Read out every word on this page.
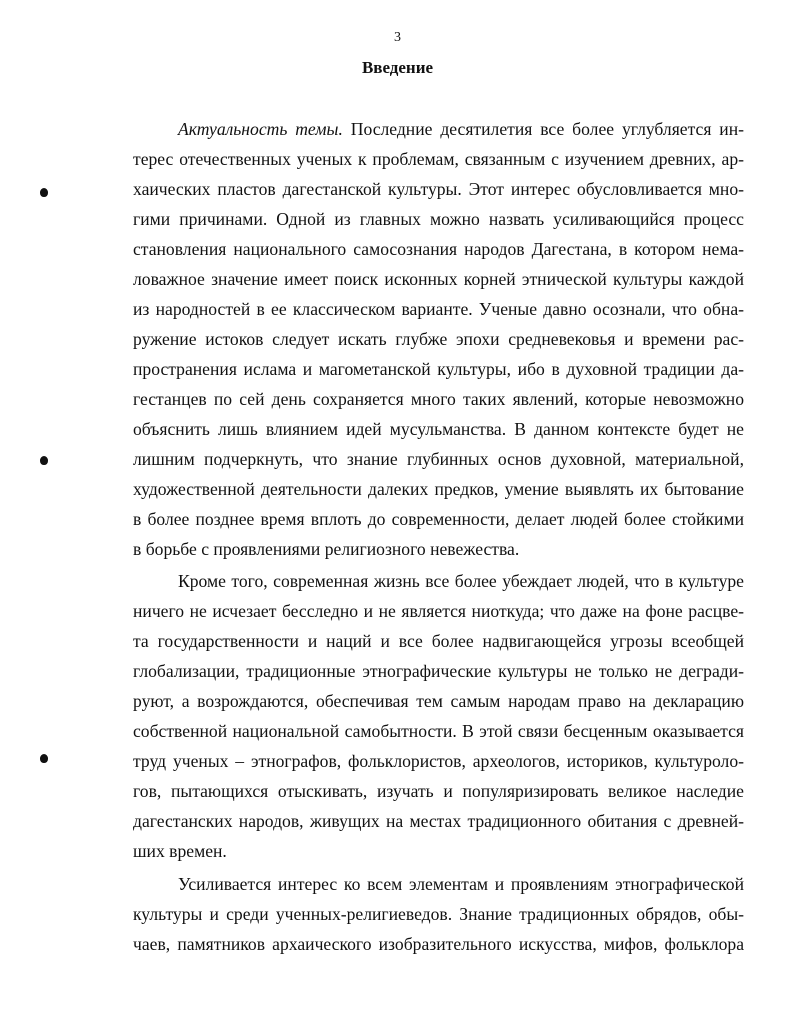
3
Введение
Актуальность темы. Последние десятилетия все более углубляется ин-
терес отечественных ученых к проблемам, связанным с изучением древних, ар-
хаических пластов дагестанской культуры. Этот интерес обусловливается мно-
гими причинами. Одной из главных можно назвать усиливающийся процесс
становления национального самосознания народов Дагестана, в котором нема-
ловажное значение имеет поиск исконных корней этнической культуры каждой
из народностей в ее классическом варианте. Ученые давно осознали, что обна-
ружение истоков следует искать глубже эпохи средневековья и времени рас-
пространения ислама и магометанской культуры, ибо в духовной традиции да-
гестанцев по сей день сохраняется много таких явлений, которые невозможно
объяснить лишь влиянием идей мусульманства. В данном контексте будет не
лишним подчеркнуть, что знание глубинных основ духовной, материальной,
художественной деятельности далеких предков, умение выявлять их бытование
в более позднее время вплоть до современности, делает людей более стойкими
в борьбе с проявлениями религиозного невежества.
Кроме того, современная жизнь все более убеждает людей, что в культуре
ничего не исчезает бесследно и не является ниоткуда; что даже на фоне расцве-
та государственности и наций и все более надвигающейся угрозы всеобщей
глобализации, традиционные этнографические культуры не только не дегради-
руют, а возрождаются, обеспечивая тем самым народам право на декларацию
собственной национальной самобытности. В этой связи бесценным оказывается
труд ученых – этнографов, фольклористов, археологов, историков, культуроло-
гов, пытающихся отыскивать, изучать и популяризировать великое наследие
дагестанских народов, живущих на местах традиционного обитания с древней-
ших времен.
Усиливается интерес ко всем элементам и проявлениям этнографической
культуры и среди ученных-религиеведов. Знание традиционных обрядов, обы-
чаев, памятников архаического изобразительного искусства, мифов, фольклора
